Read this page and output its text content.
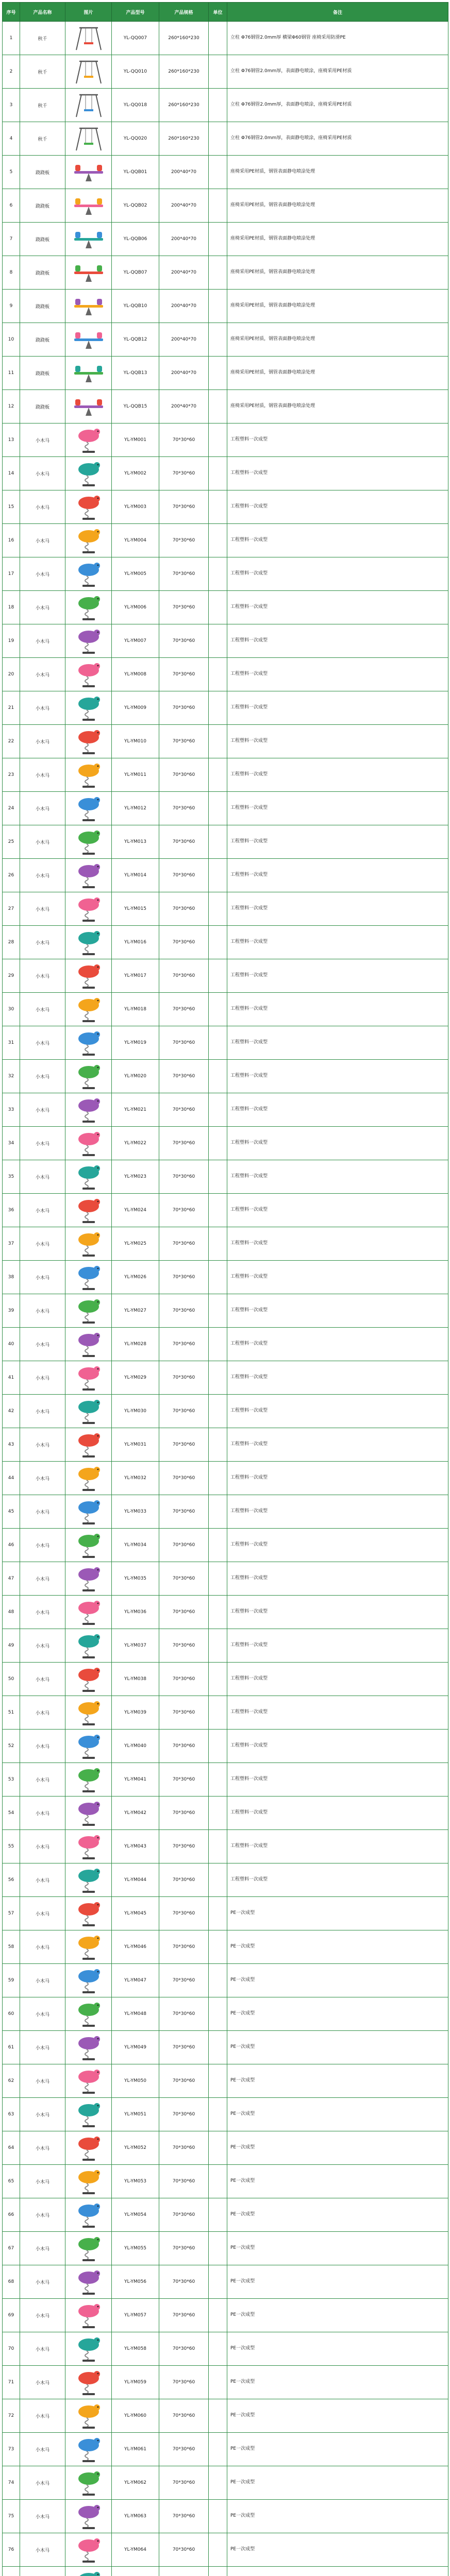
序号	产品名称	图片	产品型号	产品规格	单位	备注
1	秋千		YL-QQ007	260*160*230		立柱 Φ76钢管2.0mm厚 横梁Φ60钢管 座椅采用防滑PE
2	秋千		YL-QQ010	260*160*230		立柱 Φ76钢管2.0mm厚，表面静电喷涂，座椅采用PE材质
3	秋千		YL-QQ018	260*160*230		立柱 Φ76钢管2.0mm厚，表面静电喷涂，座椅采用PE材质
4	秋千		YL-QQ020	260*160*230		立柱 Φ76钢管2.0mm厚，表面静电喷涂，座椅采用PE材质
5	跷跷板		YL-QQB01	200*40*70		座椅采用PE材质，钢管表面静电喷涂处理
6	跷跷板		YL-QQB02	200*40*70		座椅采用PE材质，钢管表面静电喷涂处理
7	跷跷板		YL-QQB06	200*40*70		座椅采用PE材质，钢管表面静电喷涂处理
8	跷跷板		YL-QQB07	200*40*70		座椅采用PE材质，钢管表面静电喷涂处理
9	跷跷板		YL-QQB10	200*40*70		座椅采用PE材质，钢管表面静电喷涂处理
10	跷跷板		YL-QQB12	200*40*70		座椅采用PE材质，钢管表面静电喷涂处理
11	跷跷板		YL-QQB13	200*40*70		座椅采用PE材质，钢管表面静电喷涂处理
12	跷跷板		YL-QQB15	200*40*70		座椅采用PE材质，钢管表面静电喷涂处理
13	小木马		YL-YM001	70*30*60		工程塑料一次成型
14	小木马		YL-YM002	70*30*60		工程塑料一次成型
15	小木马		YL-YM003	70*30*60		工程塑料一次成型
16	小木马		YL-YM004	70*30*60		工程塑料一次成型
17	小木马		YL-YM005	70*30*60		工程塑料一次成型
18	小木马		YL-YM006	70*30*60		工程塑料一次成型
19	小木马		YL-YM007	70*30*60		工程塑料一次成型
20	小木马		YL-YM008	70*30*60		工程塑料一次成型
21	小木马		YL-YM009	70*30*60		工程塑料一次成型
22	小木马		YL-YM010	70*30*60		工程塑料一次成型
23	小木马		YL-YM011	70*30*60		工程塑料一次成型
24	小木马		YL-YM012	70*30*60		工程塑料一次成型
25	小木马		YL-YM013	70*30*60		工程塑料一次成型
26	小木马		YL-YM014	70*30*60		工程塑料一次成型
27	小木马		YL-YM015	70*30*60		工程塑料一次成型
28	小木马		YL-YM016	70*30*60		工程塑料一次成型
29	小木马		YL-YM017	70*30*60		工程塑料一次成型
30	小木马		YL-YM018	70*30*60		工程塑料一次成型
31	小木马		YL-YM019	70*30*60		工程塑料一次成型
32	小木马		YL-YM020	70*30*60		工程塑料一次成型
33	小木马		YL-YM021	70*30*60		工程塑料一次成型
34	小木马		YL-YM022	70*30*60		工程塑料一次成型
35	小木马		YL-YM023	70*30*60		工程塑料一次成型
36	小木马		YL-YM024	70*30*60		工程塑料一次成型
37	小木马		YL-YM025	70*30*60		工程塑料一次成型
38	小木马		YL-YM026	70*30*60		工程塑料一次成型
39	小木马		YL-YM027	70*30*60		工程塑料一次成型
40	小木马		YL-YM028	70*30*60		工程塑料一次成型
41	小木马		YL-YM029	70*30*60		工程塑料一次成型
42	小木马		YL-YM030	70*30*60		工程塑料一次成型
43	小木马		YL-YM031	70*30*60		工程塑料一次成型
44	小木马		YL-YM032	70*30*60		工程塑料一次成型
45	小木马		YL-YM033	70*30*60		工程塑料一次成型
46	小木马		YL-YM034	70*30*60		工程塑料一次成型
47	小木马		YL-YM035	70*30*60		工程塑料一次成型
48	小木马		YL-YM036	70*30*60		工程塑料一次成型
49	小木马		YL-YM037	70*30*60		工程塑料一次成型
50	小木马		YL-YM038	70*30*60		工程塑料一次成型
51	小木马		YL-YM039	70*30*60		工程塑料一次成型
52	小木马		YL-YM040	70*30*60		工程塑料一次成型
53	小木马		YL-YM041	70*30*60		工程塑料一次成型
54	小木马		YL-YM042	70*30*60		工程塑料一次成型
55	小木马		YL-YM043	70*30*60		工程塑料一次成型
56	小木马		YL-YM044	70*30*60		工程塑料一次成型
57	小木马		YL-YM045	70*30*60		PE一次成型
58	小木马		YL-YM046	70*30*60		PE一次成型
59	小木马		YL-YM047	70*30*60		PE一次成型
60	小木马		YL-YM048	70*30*60		PE一次成型
61	小木马		YL-YM049	70*30*60		PE一次成型
62	小木马		YL-YM050	70*30*60		PE一次成型
63	小木马		YL-YM051	70*30*60		PE一次成型
64	小木马		YL-YM052	70*30*60		PE一次成型
65	小木马		YL-YM053	70*30*60		PE一次成型
66	小木马		YL-YM054	70*30*60		PE一次成型
67	小木马		YL-YM055	70*30*60		PE一次成型
68	小木马		YL-YM056	70*30*60		PE一次成型
69	小木马		YL-YM057	70*30*60		PE一次成型
70	小木马		YL-YM058	70*30*60		PE一次成型
71	小木马		YL-YM059	70*30*60		PE一次成型
72	小木马		YL-YM060	70*30*60		PE一次成型
73	小木马		YL-YM061	70*30*60		PE一次成型
74	小木马		YL-YM062	70*30*60		PE一次成型
75	小木马		YL-YM063	70*30*60		PE一次成型
76	小木马		YL-YM064	70*30*60		PE一次成型
